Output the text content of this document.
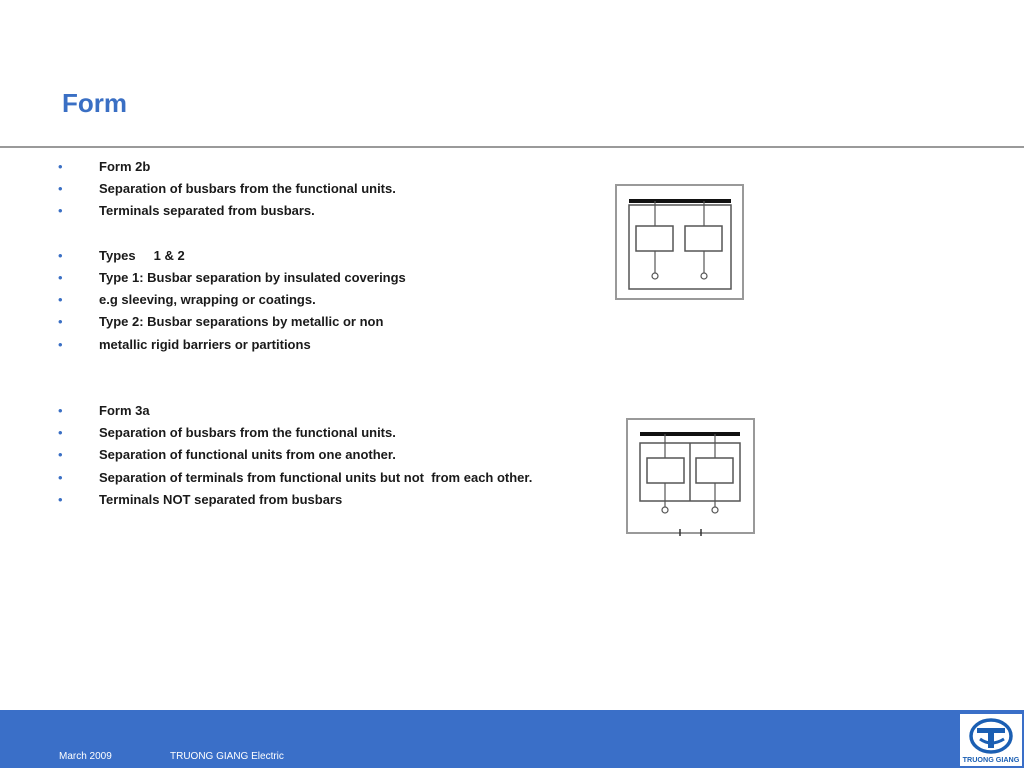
Form
•	Form 2b
•	Separation of busbars from the functional units.
•	Terminals separated from busbars.
•	Types     1 & 2
•	Type 1: Busbar separation by insulated coverings
•	e.g sleeving, wrapping or coatings.
•	Type 2: Busbar separations by metallic or non
•	metallic rigid barriers or partitions
•	Form 3a
•	Separation of busbars from the functional units.
•	Separation of functional units from one another.
•	Separation of terminals from functional units but not  from each other.
•	Terminals NOT separated from busbars
March 2009	TRUONG GIANG Electric	TRUONG GIANG
